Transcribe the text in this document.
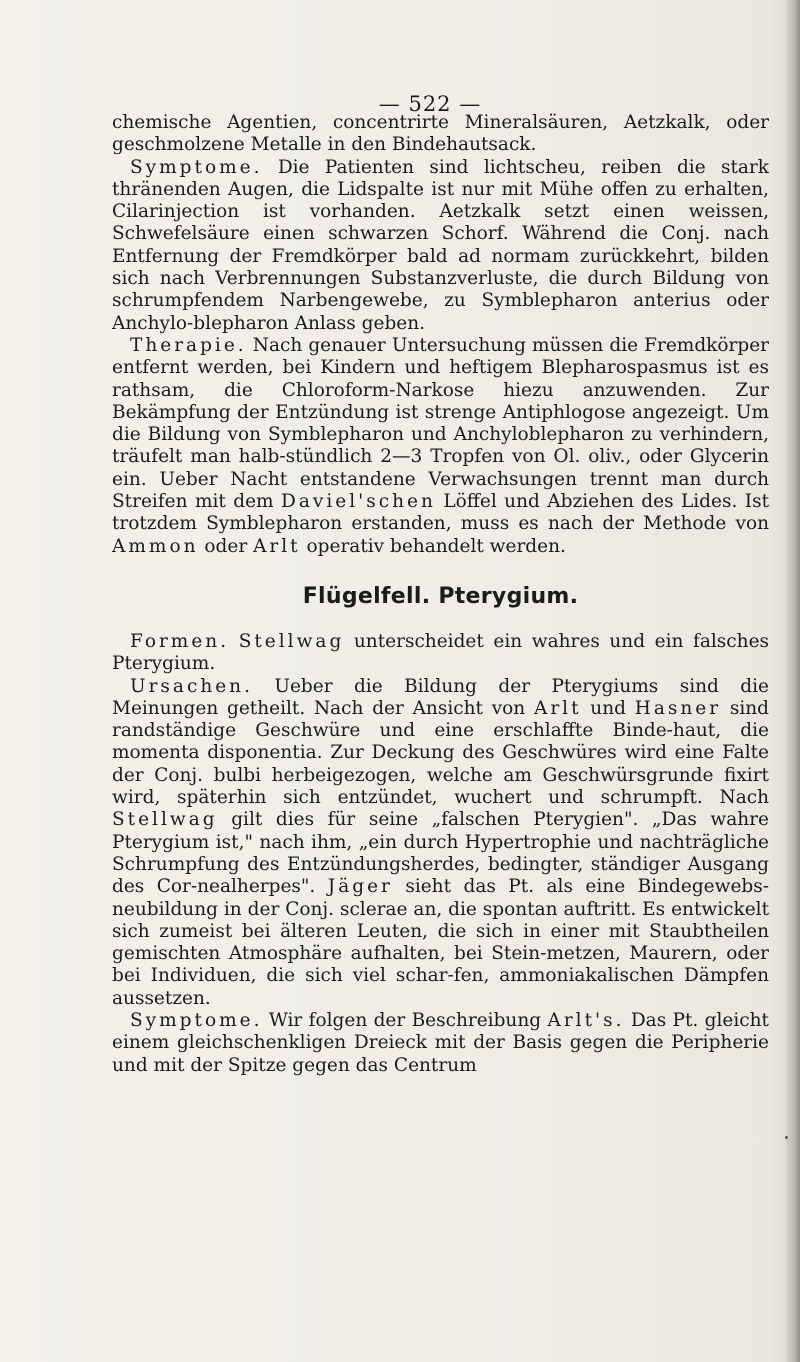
— 522 —

chemische Agentien, concentrirte Mineralsäuren, Aetzkalk, oder geschmolzene Metalle in den Bindehautsack.

Symptome. Die Patienten sind lichtscheu, reiben die stark thränenden Augen, die Lidspalte ist nur mit Mühe offen zu erhalten, Cilarinjection ist vorhanden. Aetzkalk setzt einen weissen, Schwefelsäure einen schwarzen Schorf. Während die Conj. nach Entfernung der Fremdkörper bald ad normam zurückkehrt, bilden sich nach Verbrennungen Substanzverluste, die durch Bildung von schrumpfendem Narbengewebe, zu Symblepharon anterius oder Anchylo-blepharon Anlass geben.

Therapie. Nach genauer Untersuchung müssen die Fremdkörper entfernt werden, bei Kindern und heftigem Blepharospasmus ist es rathsam, die Chloroform-Narkose hiezu anzuwenden. Zur Bekämpfung der Entzündung ist strenge Antiphlogose angezeigt. Um die Bildung von Symblepharon und Anchyloblepharon zu verhindern, träufelt man halb-stündlich 2—3 Tropfen von Ol. oliv., oder Glycerin ein. Ueber Nacht entstandene Verwachsungen trennt man durch Streifen mit dem Daviel'schen Löffel und Abziehen des Lides. Ist trotzdem Symblepharon erstanden, muss es nach der Methode von Ammon oder Arlt operativ behandelt werden.

Flügelfell. Pterygium.

Formen. Stellwag unterscheidet ein wahres und ein falsches Pterygium.

Ursachen. Ueber die Bildung der Pterygiums sind die Meinungen getheilt. Nach der Ansicht von Arlt und Hasner sind randständige Geschwüre und eine erschlaffte Binde-haut, die momenta disponentia. Zur Deckung des Geschwüres wird eine Falte der Conj. bulbi herbeigezogen, welche am Geschwürsgrunde fixirt wird, späterhin sich entzündet, wuchert und schrumpft. Nach Stellwag gilt dies für seine „falschen Pterygien". „Das wahre Pterygium ist," nach ihm, „ein durch Hypertrophie und nachträgliche Schrumpfung des Entzündungsherdes, bedingter, ständiger Ausgang des Cor-nealherpes". Jäger sieht das Pt. als eine Bindegewebs-neubildung in der Conj. sclerae an, die spontan auftritt. Es entwickelt sich zumeist bei älteren Leuten, die sich in einer mit Staubtheilen gemischten Atmosphäre aufhalten, bei Stein-metzen, Maurern, oder bei Individuen, die sich viel schar-fen, ammoniakalischen Dämpfen aussetzen.

Symptome. Wir folgen der Beschreibung Arlt's. Das Pt. gleicht einem gleichschenkligen Dreieck mit der Basis gegen die Peripherie und mit der Spitze gegen das Centrum
